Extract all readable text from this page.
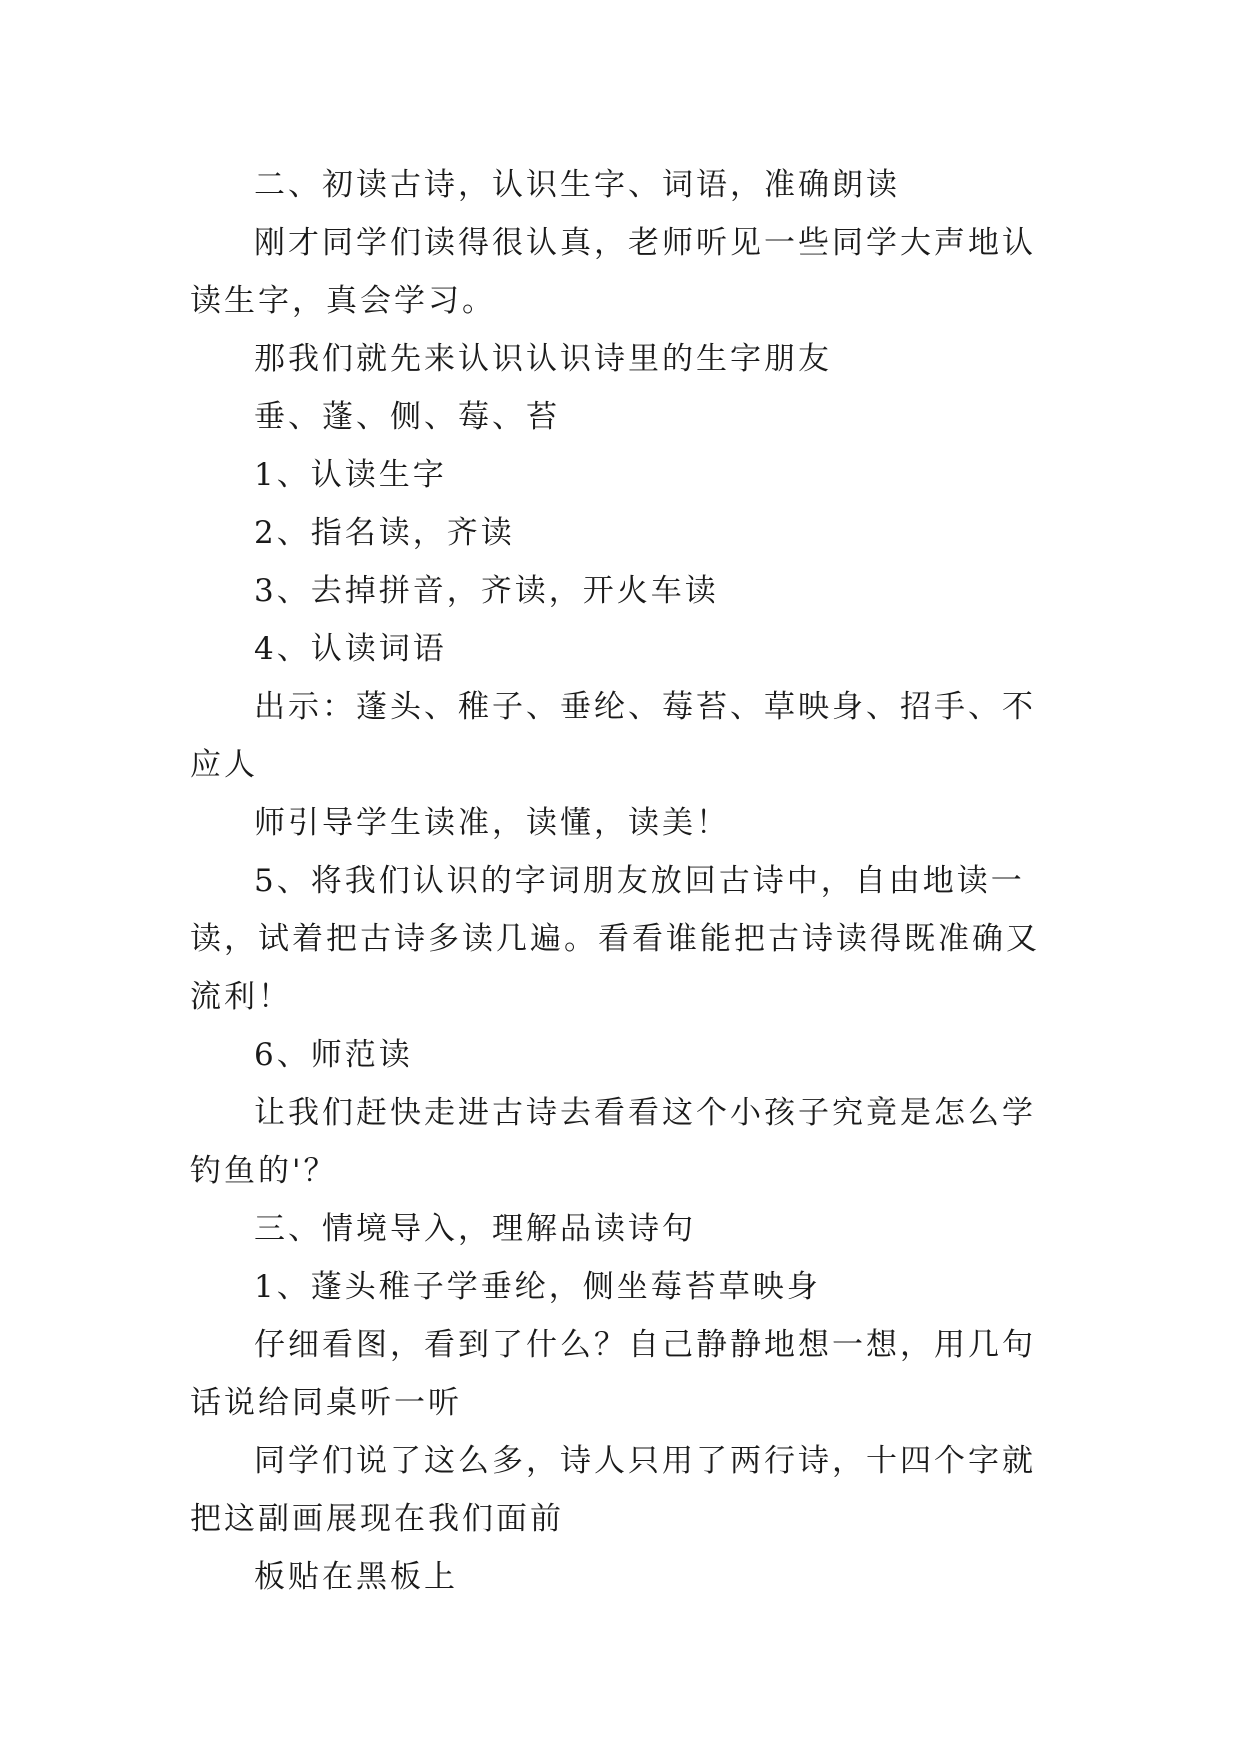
二、初读古诗，认识生字、词语，准确朗读

刚才同学们读得很认真，老师听见一些同学大声地认读生字，真会学习。

那我们就先来认识认识诗里的生字朋友

垂、蓬、侧、莓、苔

1、认读生字

2、指名读，齐读

3、去掉拼音，齐读，开火车读

4、认读词语

出示：蓬头、稚子、垂纶、莓苔、草映身、招手、不应人

师引导学生读准，读懂，读美！

5、将我们认识的字词朋友放回古诗中，自由地读一读，试着把古诗多读几遍。看看谁能把古诗读得既准确又流利！

6、师范读

让我们赶快走进古诗去看看这个小孩子究竟是怎么学钓鱼的'？

三、情境导入，理解品读诗句

1、蓬头稚子学垂纶，侧坐莓苔草映身

仔细看图，看到了什么？自己静静地想一想，用几句话说给同桌听一听

同学们说了这么多，诗人只用了两行诗，十四个字就把这副画展现在我们面前

板贴在黑板上
